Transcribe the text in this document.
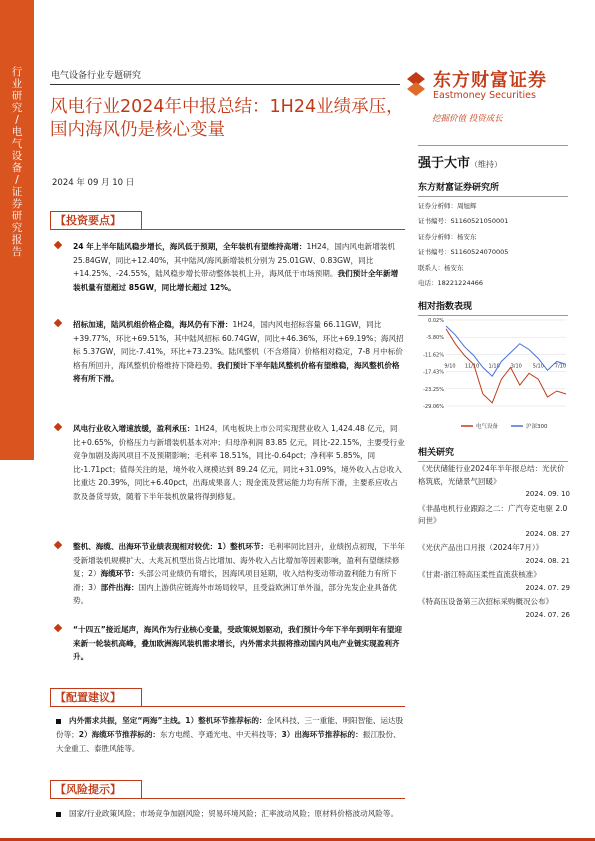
行业研究
/
电气设备
/
证券研究报告
电气设备行业专题研究
风电行业2024年中报总结：1H24业绩承压，国内海风仍是核心变量
2024 年 09 月 10 日
东方财富证券
Eastmoney Securities
挖掘价值 投资成长
强于大市（维持）
东方财富证券研究所
证券分析师：周旭辉
证书编号：S1160521050001
证券分析师：杨安东
证书编号：S1160524070005
联系人：杨安东
电话：18221224466
相对指数表现
0.02%
-5.80%
-11.62%
-17.43%
-23.25%
-29.06%
9/10 11/10 1/10 3/10 5/10 7/10
电气设备	沪深300
相关研究
《光伏储能行业2024年半年报总结：光伏价格筑底，光储景气回暖》
2024. 09. 10
《非晶电机行业跟踪之二：广汽夸克电驱 2.0 问世》
2024. 08. 27
《光伏产品出口月报（2024年7月）》
2024. 08. 21
《甘肃-浙江特高压柔性直流获核准》
2024. 07. 29
《特高压设备第三次招标采购概况公布》
2024. 07. 26
【投资要点】
24 年上半年陆风稳步增长，海风低于预期，全年装机有望维持高增：1H24，国内风电新增装机 25.84GW，同比+12.40%，其中陆风/海风新增装机分别为 25.01GW、0.83GW，同比+14.25%、-24.55%，陆风稳步增长带动整体装机上升，海风低于市场预期。我们预计全年新增装机量有望超过 85GW，同比增长超过 12%。
招标加速，陆风机组价格企稳，海风仍有下滑：1H24，国内风电招标容量 66.11GW，同比+39.77%，环比+69.51%，其中陆风招标 60.74GW，同比+46.36%，环比+69.19%；海风招标 5.37GW，同比-7.41%，环比+73.23%。陆风整机（不含塔筒）价格相对稳定，7-8 月中标价格有所回升，海风整机价格维持下降趋势。我们预计下半年陆风整机价格有望维稳，海风整机价格将有所下滑。
风电行业收入增速放缓，盈利承压：1H24，风电板块上市公司实现营业收入 1,424.48 亿元，同比+0.65%，价格压力与新增装机基本对冲；归母净利润 83.85 亿元，同比-22.15%，主要受行业竞争加剧及海风项目不及预期影响；毛利率 18.51%，同比-0.64pct；净利率 5.85%，同比-1.71pct；值得关注的是，境外收入规模达到 89.24 亿元，同比+31.09%，境外收入占总收入比重达 20.39%，同比+6.40pct，出海成果喜人；现金流及营运能力均有所下滑，主要系应收占款及备货导致，随着下半年装机放量将得到修复。
整机、海缆、出海环节业绩表现相对较优：1）整机环节：毛利率同比回升，业绩拐点初现，下半年受新增装机规模扩大、大兆瓦机型出货占比增加、海外收入占比增加等因素影响，盈利有望继续修复；2）海缆环节：头部公司业绩仍有增长，因海风项目延期，收入结构变动带动盈利能力有所下滑；3）部件出海：国内上游供应链海外市场局较早，且受益欧洲订单外溢，部分先发企业具备优势。
“十四五”接近尾声，海风作为行业核心变量，受政策规划驱动，我们预计今年下半年到明年有望迎来新一轮装机高峰，叠加欧洲海风装机需求增长，内外需求共振将推动国内风电产业链实现盈利齐升。
【配置建议】
内外需求共振，坚定“两海”主线。1）整机环节推荐标的：金风科技、三一重能、明阳智能、运达股份等；2）海缆环节推荐标的：东方电缆、亨通光电、中天科技等；3）出海环节推荐标的：振江股份、大金重工、泰胜风能等。
【风险提示】
国家/行业政策风险；市场竞争加剧风险；贸易环境风险；汇率波动风险；原材料价格波动风险等。
